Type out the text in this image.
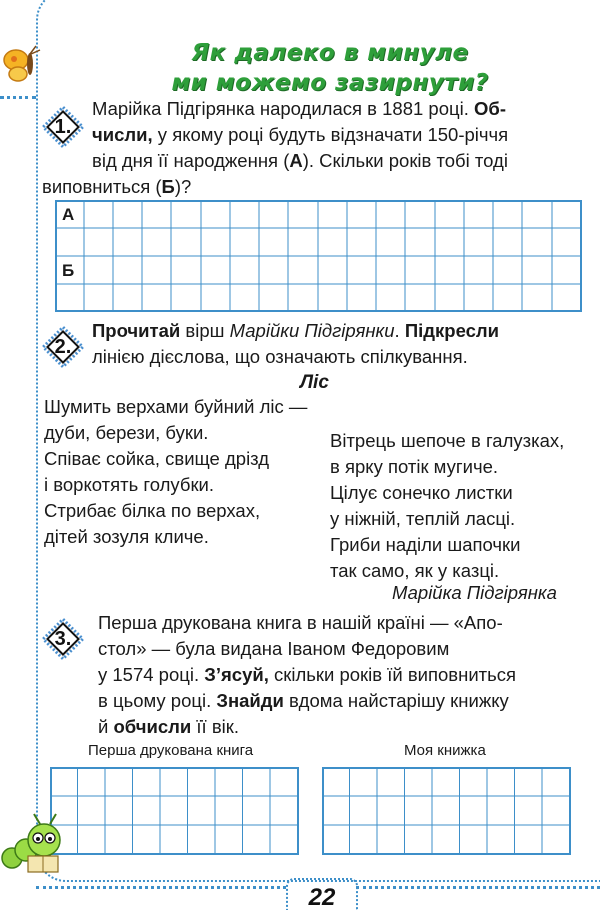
Як далеко в минуле
ми можемо зазирнути?
1.
Марійка Підгірянка народилася в 1881 році. Об-
числи, у якому році будуть відзначати 150-річчя
від дня її народження (А). Скільки років тобі тоді
виповниться (Б)?
А
Б
2.
Прочитай вірш Марійки Підгірянки. Підкресли
лінією дієслова, що означають спілкування.
Ліс
Шумить верхами буйний ліс —
дуби, берези, буки.
Співає сойка, свище дрізд
і воркотять голубки.
Стрибає білка по верхах,
дітей зозуля кличе.
Вітрець шепоче в галузках,
в ярку потік мугиче.
Цілує сонечко листки
у ніжній, теплій ласці.
Гриби наділи шапочки
так само, як у казці.
Марійка Підгірянка
3.
Перша друкована книга в нашій країні — «Апо-
стол» — була видана Іваном Федоровим
у 1574 році. З’ясуй, скільки років їй виповниться
в цьому році. Знайди вдома найстарішу книжку
й обчисли її вік.
Перша друкована книга	Моя книжка
22
